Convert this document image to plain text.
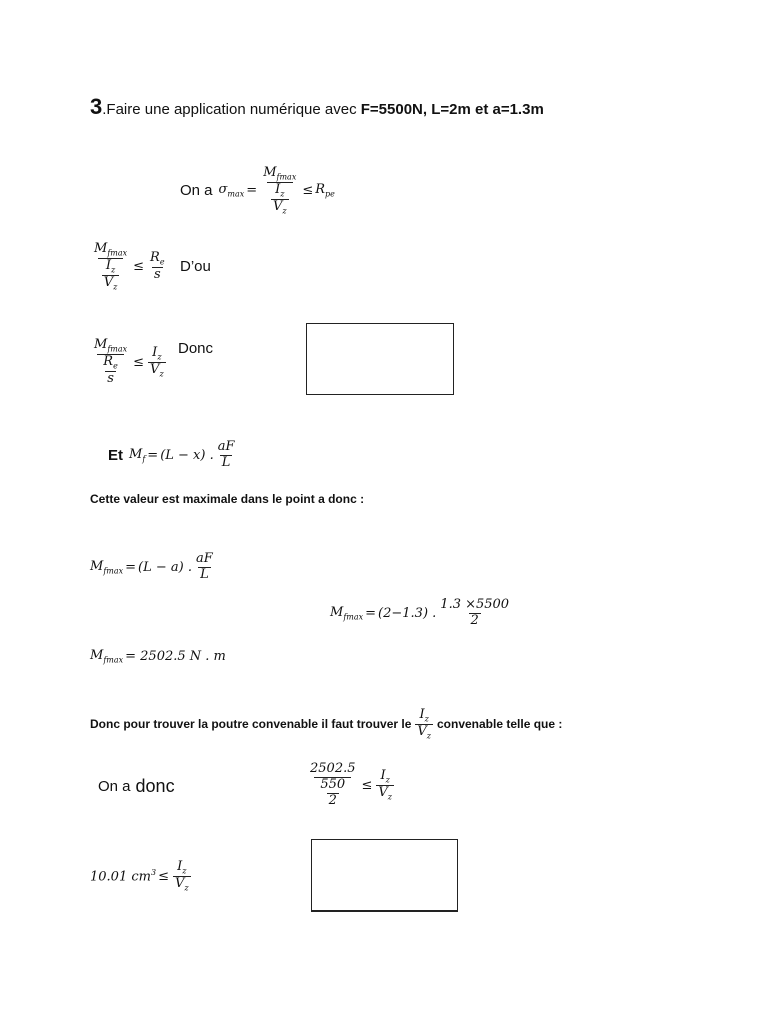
3.Faire une application numérique avec F=5500N, L=2m et a=1.3m
On a $\sigma_{max} = \frac{M_{fmax}}{\frac{I_z}{V_z}} \le R_{pe}$
$\frac{M_{fmax}}{\frac{I_z}{V_z}} \le \frac{R_e}{s}$ D’ou
$\frac{M_{fmax}}{\frac{R_e}{s}} \le \frac{I_z}{V_z}$ Donc
Et $M_f = (L - x)$ . $\frac{aF}{L}$
Cette valeur est maximale dans le point a donc :
$M_{fmax} = (L - a)$ . $\frac{aF}{L}$
$M_{fmax} = (2-1.3)$ . $\frac{1.3 \times 5500}{2}$
$M_{fmax} = 2502.5$ N . m
Donc pour trouver la poutre convenable il faut trouver le $\frac{I_z}{V_z}$ convenable telle que :
On a donc	$\frac{2502.5}{\frac{550}{2}} \le \frac{I_z}{V_z}$
10.01 $cm^3 \le \frac{I_z}{V_z}$
